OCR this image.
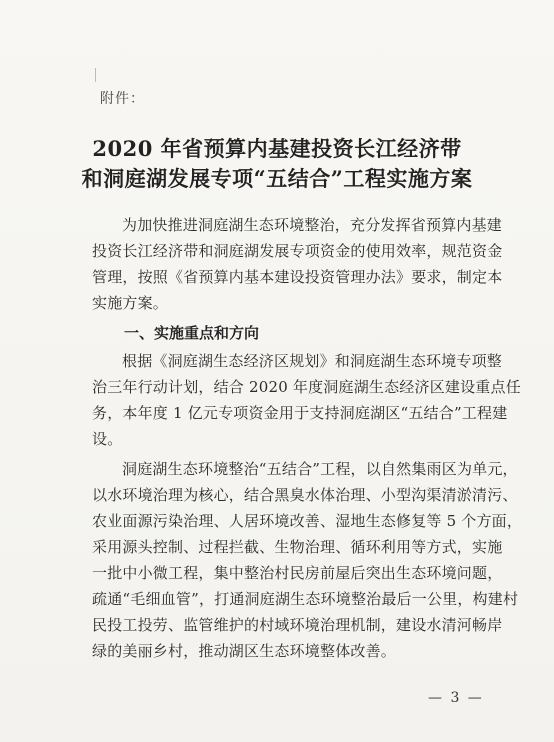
附件：
2020 年省预算内基建投资长江经济带
和洞庭湖发展专项“五结合”工程实施方案
为加快推进洞庭湖生态环境整治，充分发挥省预算内基建
投资长江经济带和洞庭湖发展专项资金的使用效率，规范资金
管理，按照《省预算内基本建设投资管理办法》要求，制定本
实施方案。
一、实施重点和方向
根据《洞庭湖生态经济区规划》和洞庭湖生态环境专项整
治三年行动计划，结合 2020 年度洞庭湖生态经济区建设重点任
务，本年度 1 亿元专项资金用于支持洞庭湖区“五结合”工程建
设。
洞庭湖生态环境整治“五结合”工程，以自然集雨区为单元，
以水环境治理为核心，结合黑臭水体治理、小型沟渠清淤清污、
农业面源污染治理、人居环境改善、湿地生态修复等 5 个方面，
采用源头控制、过程拦截、生物治理、循环利用等方式，实施
一批中小微工程，集中整治村民房前屋后突出生态环境问题，
疏通“毛细血管”，打通洞庭湖生态环境整治最后一公里，构建村
民投工投劳、监管维护的村域环境治理机制，建设水清河畅岸
绿的美丽乡村，推动湖区生态环境整体改善。
— 3 —
